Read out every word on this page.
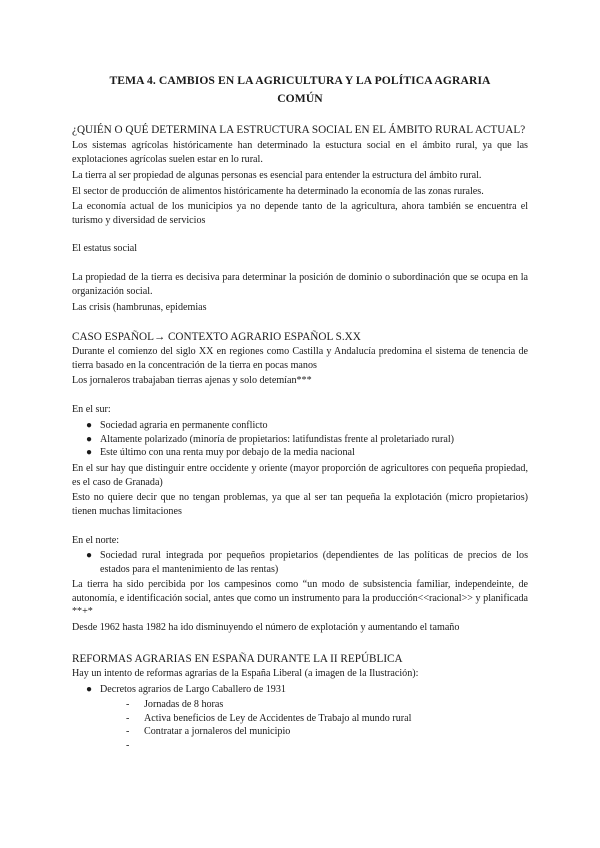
TEMA 4. CAMBIOS EN LA AGRICULTURA Y LA POLÍTICA AGRARIA
COMÚN
¿QUIÉN O QUÉ DETERMINA LA ESTRUCTURA SOCIAL EN EL ÁMBITO RURAL ACTUAL?
Los sistemas agrícolas históricamente han determinado la estuctura social en el ámbito rural, ya que las explotaciones agrícolas suelen estar en lo rural.
La tierra al ser propiedad de algunas personas es esencial para entender la estructura del ámbito rural.
El sector de producción de alimentos históricamente ha determinado la economía de las zonas rurales.
La economía actual de los municipios ya no depende tanto de la agricultura, ahora también se encuentra el turismo y diversidad de servicios
El estatus social
La propiedad de la tierra es decisiva para determinar la posición de dominio o subordinación que se ocupa en la organización social.
Las crisis (hambrunas, epidemias
CASO ESPAÑOL→ CONTEXTO AGRARIO ESPAÑOL S.XX
Durante el comienzo del siglo XX en regiones como Castilla y Andalucía predomina el sistema de tenencia de tierra basado en la concentración de la tierra en pocas manos
Los jornaleros trabajaban tierras ajenas y solo detemían***
En el sur:
● Sociedad agraria en permanente conflicto
● Altamente polarizado (minoría de propietarios: latifundistas frente al proletariado rural)
● Este último con una renta muy por debajo de la media nacional
En el sur hay que distinguir entre occidente y oriente (mayor proporción de agricultores con pequeña propiedad, es el caso de Granada)
Esto no quiere decir que no tengan problemas, ya que al ser tan pequeña la explotación (micro propietarios) tienen muchas limitaciones
En el norte:
● Sociedad rural integrada por pequeños propietarios (dependientes de las políticas de precios de los estados para el mantenimiento de las rentas)
La tierra ha sido percibida por los campesinos como “un modo de subsistencia familiar, independeinte, de autonomía, e identificación social, antes que como un instrumento para la producción<<racional>> y planificada **+*
Desde 1962 hasta 1982 ha ido disminuyendo el número de explotación y aumentando el tamaño
REFORMAS AGRARIAS EN ESPAÑA DURANTE LA II REPÚBLICA
Hay un intento de reformas agrarias de la España Liberal (a imagen de la Ilustración):
● Decretos agrarios de Largo Caballero de 1931
- Jornadas de 8 horas
- Activa beneficios de Ley de Accidentes de Trabajo al mundo rural
- Contratar a jornaleros del municipio
-
